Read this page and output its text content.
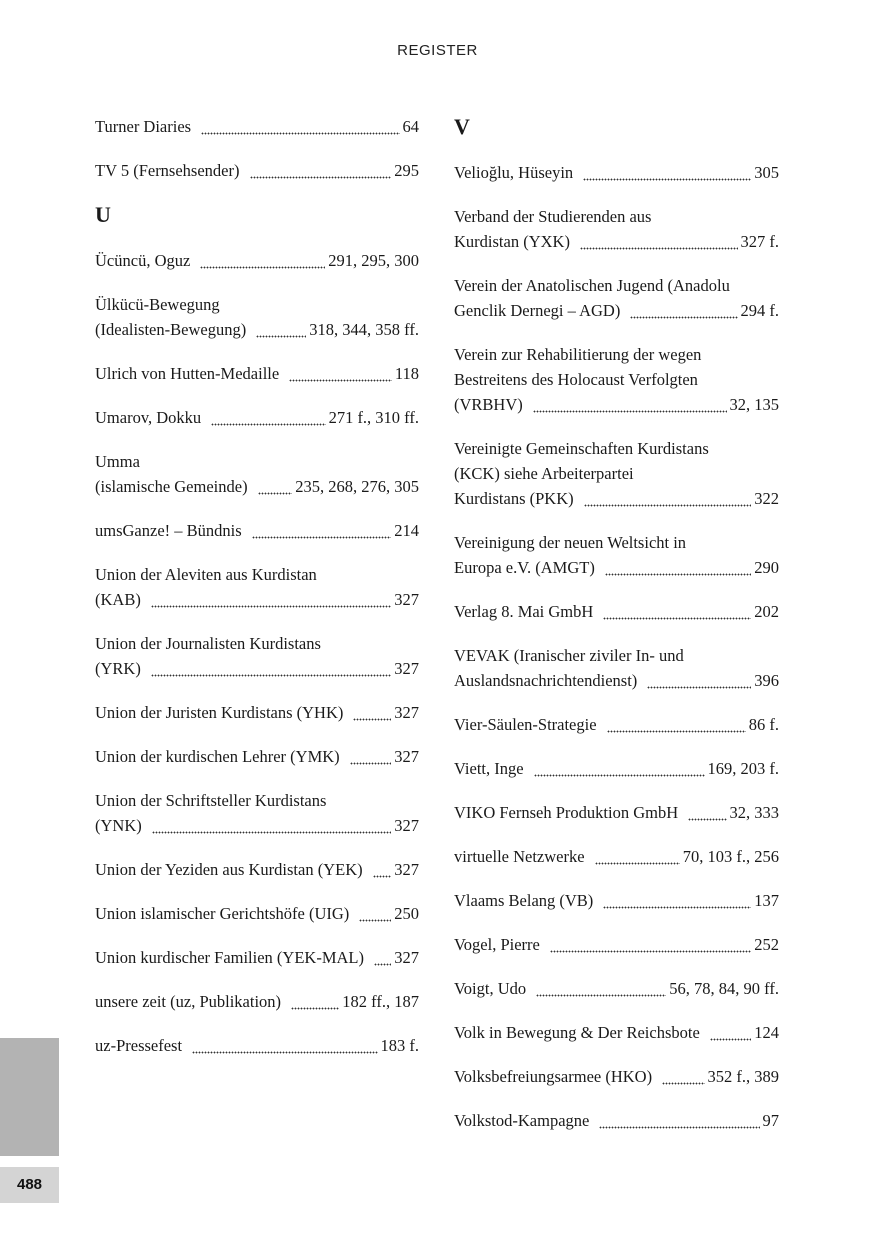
REGISTER
Turner Diaries	64
TV 5 (Fernsehsender)	295
U
Ücüncü, Oguz	291, 295, 300
Ülkücü-Bewegung
(Idealisten-Bewegung)	318, 344, 358 ff.
Ulrich von Hutten-Medaille	118
Umarov, Dokku	271 f., 310 ff.
Umma
(islamische Gemeinde)	235, 268, 276, 305
umsGanze! – Bündnis	214
Union der Aleviten aus Kurdistan
(KAB)	327
Union der Journalisten Kurdistans
(YRK)	327
Union der Juristen Kurdistans (YHK)	327
Union der kurdischen Lehrer (YMK)	327
Union der Schriftsteller Kurdistans
(YNK)	327
Union der Yeziden aus Kurdistan (YEK) 327
Union islamischer Gerichtshöfe (UIG)	250
Union kurdischer Familien (YEK-MAL) 327
unsere zeit (uz, Publikation)	182 ff., 187
uz-Pressefest	183 f.
V
Velioğlu, Hüseyin	305
Verband der Studierenden aus
Kurdistan (YXK)	327 f.
Verein der Anatolischen Jugend (Anadolu
Genclik Dernegi – AGD)	294 f.
Verein zur Rehabilitierung der wegen
Bestreitens des Holocaust Verfolgten
(VRBHV)	32, 135
Vereinigte Gemeinschaften Kurdistans
(KCK) siehe Arbeiterpartei
Kurdistans (PKK)	322
Vereinigung der neuen Weltsicht in
Europa e.V. (AMGT)	290
Verlag 8. Mai GmbH	202
VEVAK (Iranischer ziviler In- und
Auslandsnachrichtendienst)	396
Vier-Säulen-Strategie	86 f.
Viett, Inge	169, 203 f.
VIKO Fernseh Produktion GmbH	32, 333
virtuelle Netzwerke	70, 103 f., 256
Vlaams Belang (VB)	137
Vogel, Pierre	252
Voigt, Udo	56, 78, 84, 90 ff.
Volk in Bewegung & Der Reichsbote	124
Volksbefreiungsarmee (HKO)	352 f., 389
Volkstod-Kampagne	97
488
